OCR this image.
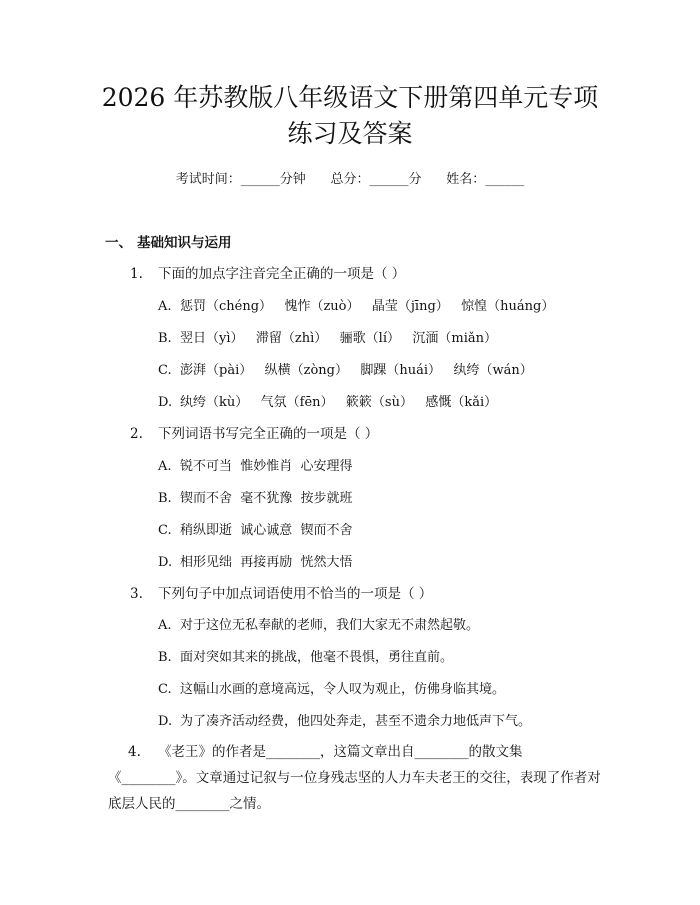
2026 年苏教版八年级语文下册第四单元专项
练习及答案
考试时间：______分钟      总分：______分      姓名：______
一、 基础知识与运用
1. 下面的加点字注音完全正确的一项是（ ）
A. 惩罚（chéng）   愧怍（zuò）   晶莹（jīng）   惊惶（huáng）
B. 翌日（yì）   滞留（zhì）   骊歌（lí）   沉湎（miǎn）
C. 澎湃（pài）   纵横（zòng）   脚踝（huái）   纨绔（wán）
D. 纨绔（kù）   气氛（fēn）   簌簌（sù）   感慨（kǎi）
2. 下列词语书写完全正确的一项是（ ）
A. 锐不可当  惟妙惟肖  心安理得
B. 锲而不舍  毫不犹豫  按步就班
C. 稍纵即逝  诚心诚意  锲而不舍
D. 相形见绌  再接再励  恍然大悟
3. 下列句子中加点词语使用不恰当的一项是（ ）
A. 对于这位无私奉献的老师，我们大家无不肃然起敬。
B. 面对突如其来的挑战，他毫不畏惧，勇往直前。
C. 这幅山水画的意境高远，令人叹为观止，仿佛身临其境。
D. 为了凑齐活动经费，他四处奔走，甚至不遗余力地低声下气。
4. 《老王》的作者是________，这篇文章出自________的散文集《________》。文章通过记叙与一位身残志坚的人力车夫老王的交往，表现了作者对底层人民的________之情。
